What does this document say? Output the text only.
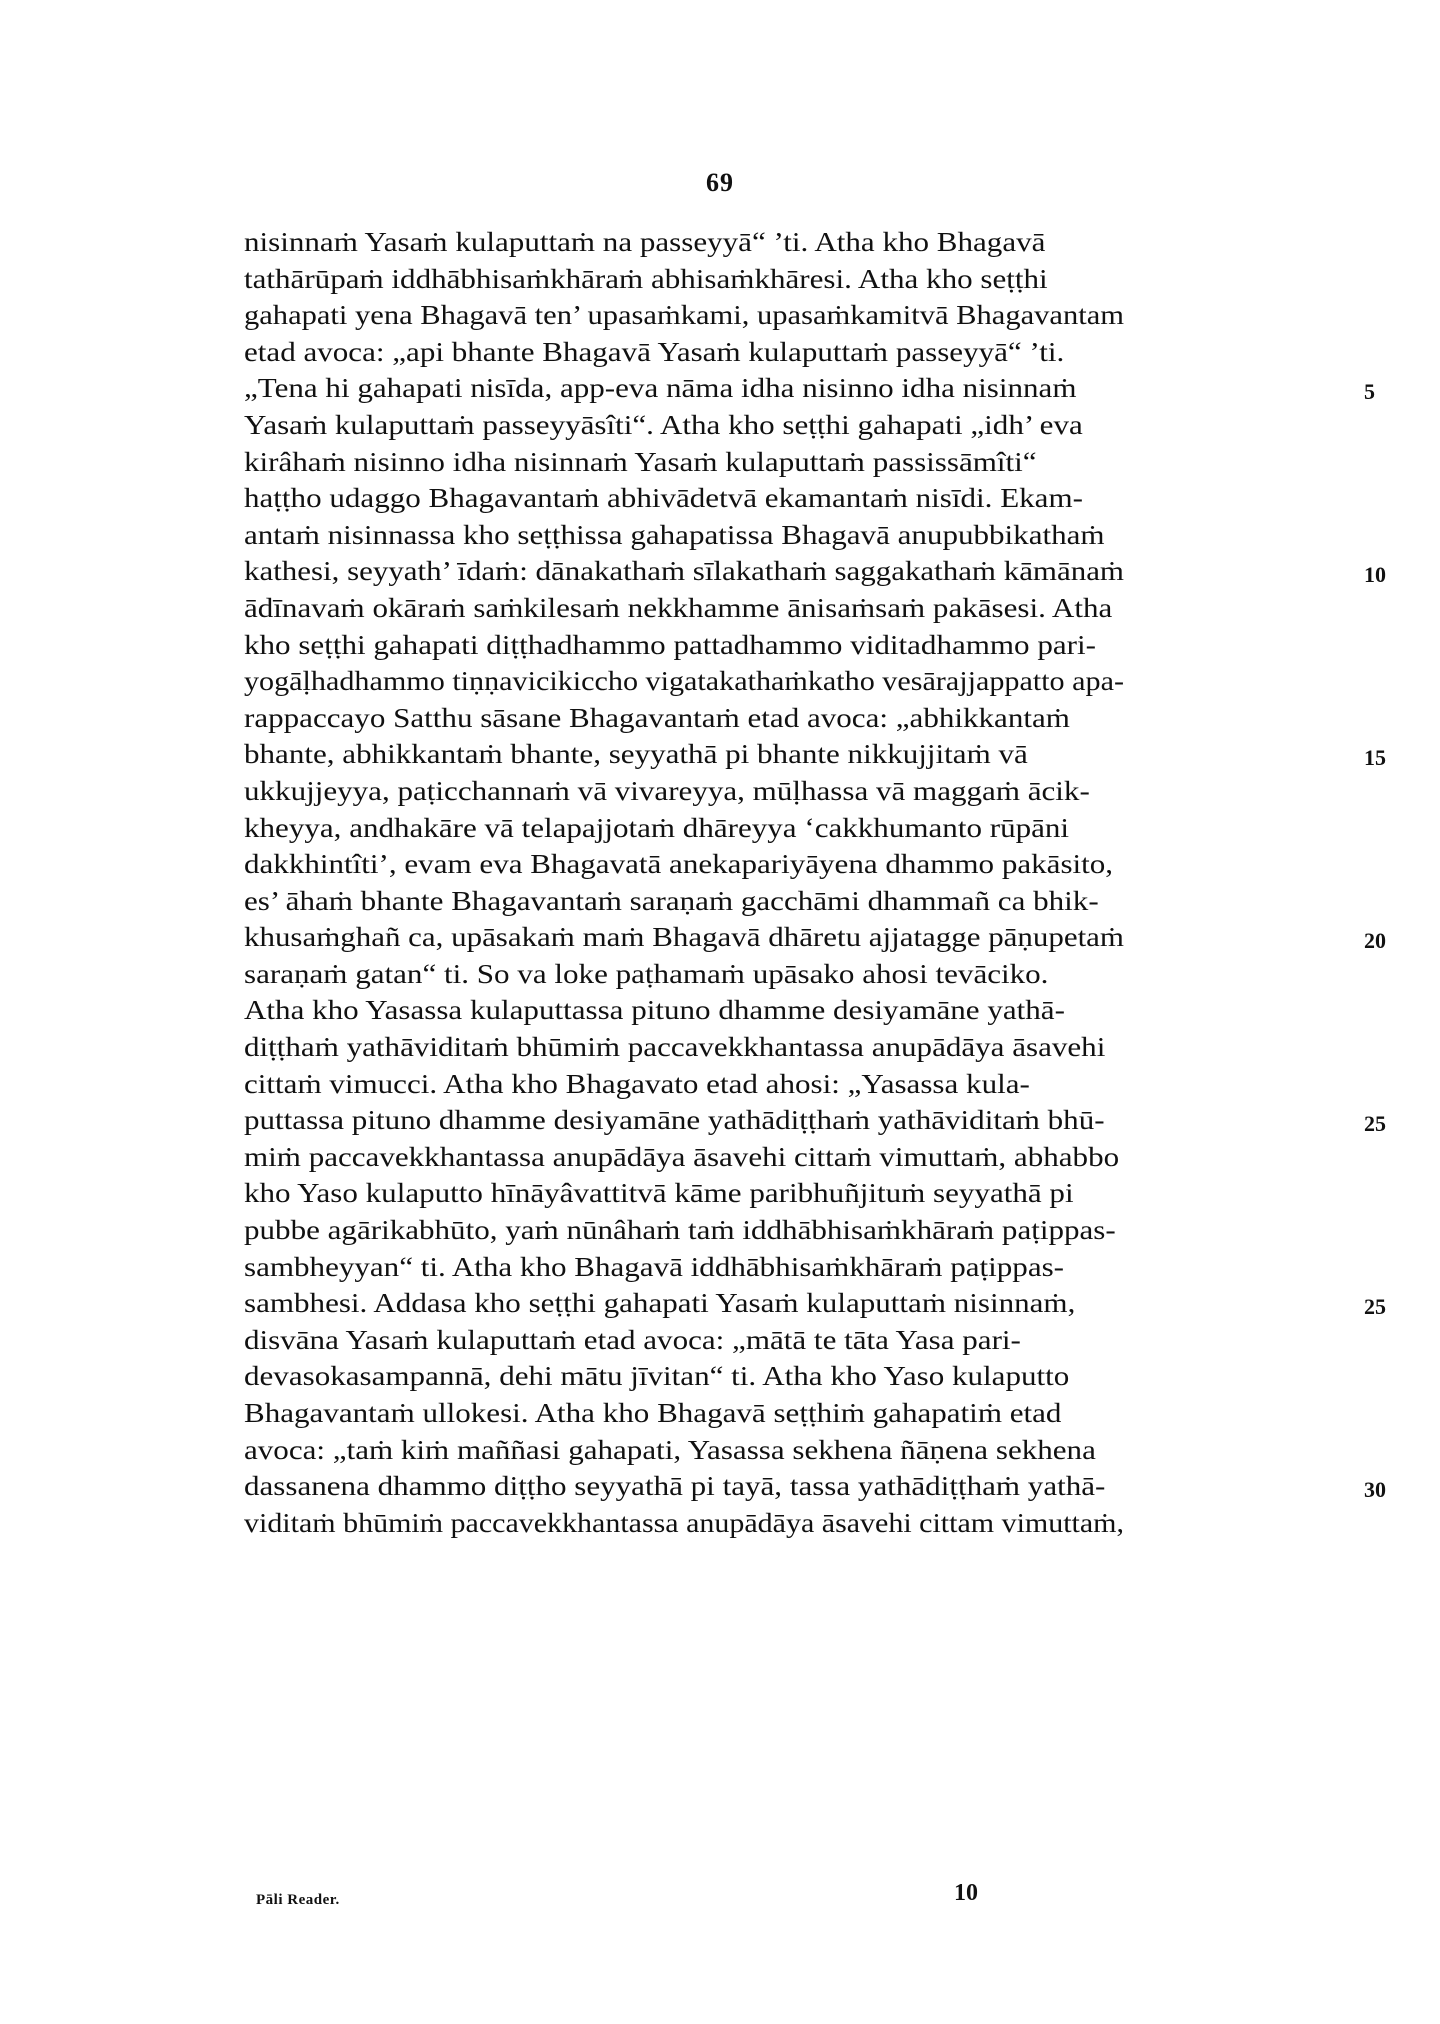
69
nisinnaṁ Yasaṁ kulaputtaṁ na passeyyā“ ’ti. Atha kho Bhagavā
tathārūpaṁ iddhābhisaṁkhāraṁ abhisaṁkhāresi. Atha kho seṭṭhi
gahapati yena Bhagavā ten’ upasaṁkami, upasaṁkamitvā Bhagavantam
etad avoca: „api bhante Bhagavā Yasaṁ kulaputtaṁ passeyyā“ ’ti.
„Tena hi gahapati nisīda, app-eva nāma idha nisinno idha nisinnaṁ	5
Yasaṁ kulaputtaṁ passeyyāsîti“. Atha kho seṭṭhi gahapati „idh’ eva
kirâhaṁ nisinno idha nisinnaṁ Yasaṁ kulaputtaṁ passissāmîti“
haṭṭho udaggo Bhagavantaṁ abhivādetvā ekamantaṁ nisīdi. Ekam-
antaṁ nisinnassa kho seṭṭhissa gahapatissa Bhagavā anupubbikathaṁ
kathesi, seyyath’ īdaṁ: dānakathaṁ sīlakathaṁ saggakathaṁ kāmānaṁ	10
ādīnavaṁ okāraṁ saṁkilesaṁ nekkhamme ānisaṁsaṁ pakāsesi. Atha
kho seṭṭhi gahapati diṭṭhadhammo pattadhammo viditadhammo pari-
yogāḷhadhammo tiṇṇavicikiccho vigatakathaṁkatho vesārajjappatto apa-
rappaccayo Satthu sāsane Bhagavantaṁ etad avoca: „abhikkantaṁ
bhante, abhikkantaṁ bhante, seyyathā pi bhante nikkujjitaṁ vā	15
ukkujjeyya, paṭicchannaṁ vā vivareyya, mūḷhassa vā maggaṁ ācik-
kheyya, andhakāre vā telapajjotaṁ dhāreyya ‘cakkhumanto rūpāni
dakkhintîti’, evam eva Bhagavatā anekapariyāyena dhammo pakāsito,
es’ āhaṁ bhante Bhagavantaṁ saraṇaṁ gacchāmi dhammañ ca bhik-
khusaṁghañ ca, upāsakaṁ maṁ Bhagavā dhāretu ajjatagge pāṇupetaṁ	20
saraṇaṁ gatan“ ti. So va loke paṭhamaṁ upāsako ahosi tevāciko.
Atha kho Yasassa kulaputtassa pituno dhamme desiyamāne yathā-
diṭṭhaṁ yathāviditaṁ bhūmiṁ paccavekkhantassa anupādāya āsavehi
cittaṁ vimucci. Atha kho Bhagavato etad ahosi: „Yasassa kula-
puttassa pituno dhamme desiyamāne yathādiṭṭhaṁ yathāviditaṁ bhū-	25
miṁ paccavekkhantassa anupādāya āsavehi cittaṁ vimuttaṁ, abhabbo
kho Yaso kulaputto hīnāyâvattitvā kāme paribhuñjituṁ seyyathā pi
pubbe agārikabhūto, yaṁ nūnâhaṁ taṁ iddhābhisaṁkhāraṁ paṭippas-
sambheyyan“ ti. Atha kho Bhagavā iddhābhisaṁkhāraṁ paṭippas-
sambhesi. Addasa kho seṭṭhi gahapati Yasaṁ kulaputtaṁ nisinnaṁ,	25
disvāna Yasaṁ kulaputtaṁ etad avoca: „mātā te tāta Yasa pari-
devasokasampannā, dehi mātu jīvitan“ ti. Atha kho Yaso kulaputto
Bhagavantaṁ ullokesi. Atha kho Bhagavā seṭṭhiṁ gahapatiṁ etad
avoca: „taṁ kiṁ maññasi gahapati, Yasassa sekhena ñāṇena sekhena
dassanena dhammo diṭṭho seyyathā pi tayā, tassa yathādiṭṭhaṁ yathā-	30
viditaṁ bhūmiṁ paccavekkhantassa anupādāya āsavehi cittam vimuttaṁ,
Pāli Reader.	10
